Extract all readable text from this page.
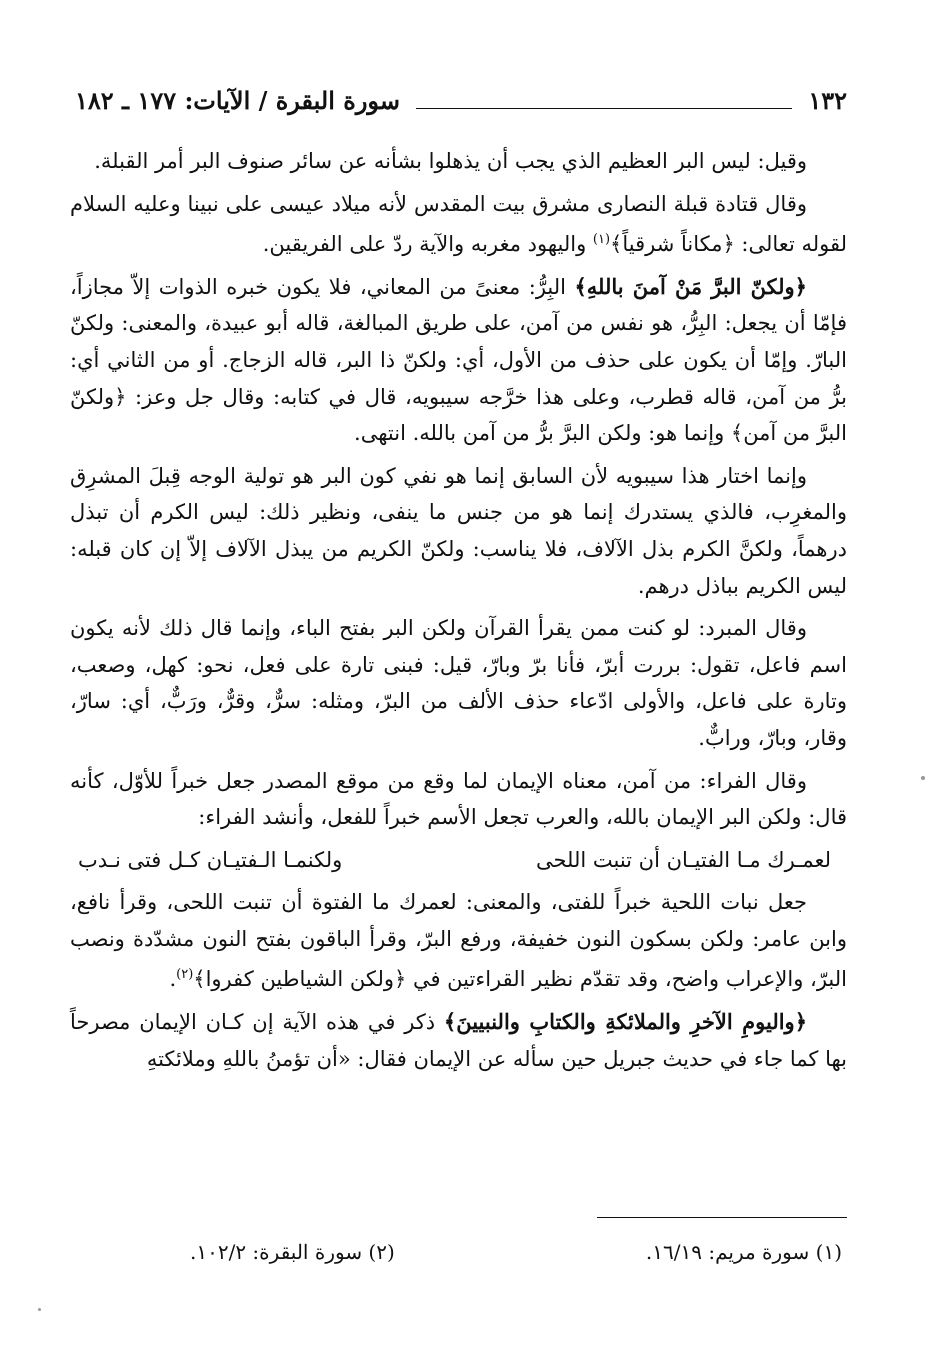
١٣٢
سورة البقرة / الآيات: ١٧٧ ـ ١٨٢

وقيل: ليس البر العظيم الذي يجب أن يذهلوا بشأنه عن سائر صنوف البر أمر القبلة.

وقال قتادة قبلة النصارى مشرق بيت المقدس لأنه ميلاد عيسى على نبينا وعليه السلام لقوله تعالى: ﴿مكاناً شرقياً﴾$^{(١)}$ واليهود مغربه والآية ردّ على الفريقين.

﴿ولكنّ البرَّ مَنْ آمنَ باللهِ﴾ البِرُّ: معنىً من المعاني، فلا يكون خبره الذوات إلاّ مجازاً، فإمّا أن يجعل: البِرُّ، هو نفس من آمن، على طريق المبالغة، قاله أبو عبيدة، والمعنى: ولكنّ البارّ. وإمّا أن يكون على حذف من الأول، أي: ولكنّ ذا البر، قاله الزجاج. أو من الثاني أي: برُّ من آمن، قاله قطرب، وعلى هذا خرَّجه سيبويه، قال في كتابه: وقال جل وعز: ﴿ولكنّ البرَّ من آمن﴾ وإنما هو: ولكن البرَّ برُّ من آمن بالله. انتهى.

وإنما اختار هذا سيبويه لأن السابق إنما هو نفي كون البر هو تولية الوجه قِبلَ المشرِق والمغرِب، فالذي يستدرك إنما هو من جنس ما ينفى، ونظير ذلك: ليس الكرم أن تبذل درهماً، ولكنَّ الكرم بذل الآلاف، فلا يناسب: ولكنّ الكريم من يبذل الآلاف إلاّ إن كان قبله: ليس الكريم بباذل درهم.

وقال المبرد: لو كنت ممن يقرأ القرآن ولكن البر بفتح الباء، وإنما قال ذلك لأنه يكون اسم فاعل، تقول: بررت أبرّ، فأنا برّ وبارّ، قيل: فبنى تارة على فعل، نحو: كهل، وصعب، وتارة على فاعل، والأولى ادّعاء حذف الألف من البرّ، ومثله: سرٌّ، وقرٌّ، ورَبٌّ، أي: سارّ، وقار، وبارّ، ورابٌّ.

وقال الفراء: من آمن، معناه الإيمان لما وقع من موقع المصدر جعل خبراً للأوّل، كأنه قال: ولكن البر الإيمان بالله، والعرب تجعل الأسم خبراً للفعل، وأنشد الفراء:

لعمـرك مـا الفتيـان أن تنبت اللحى
ولكنمـا الـفتيـان كـل فتى نـدب

جعل نبات اللحية خبراً للفتى، والمعنى: لعمرك ما الفتوة أن تنبت اللحى، وقرأ نافع، وابن عامر: ولكن بسكون النون خفيفة، ورفع البرّ، وقرأ الباقون بفتح النون مشدّدة ونصب البرّ، والإعراب واضح، وقد تقدّم نظير القراءتين في ﴿ولكن الشياطين كفروا﴾$^{(٢)}$.

﴿واليومِ الآخرِ والملائكةِ والكتابِ والنبيينَ﴾ ذكر في هذه الآية إن كـان الإيمان مصرحاً بها كما جاء في حديث جبريل حين سأله عن الإيمان فقال: «أن تؤمنُ باللهِ وملائكتهِ

(١) سورة مريم: ١٦/١٩.
(٢) سورة البقرة: ١٠٢/٢.
